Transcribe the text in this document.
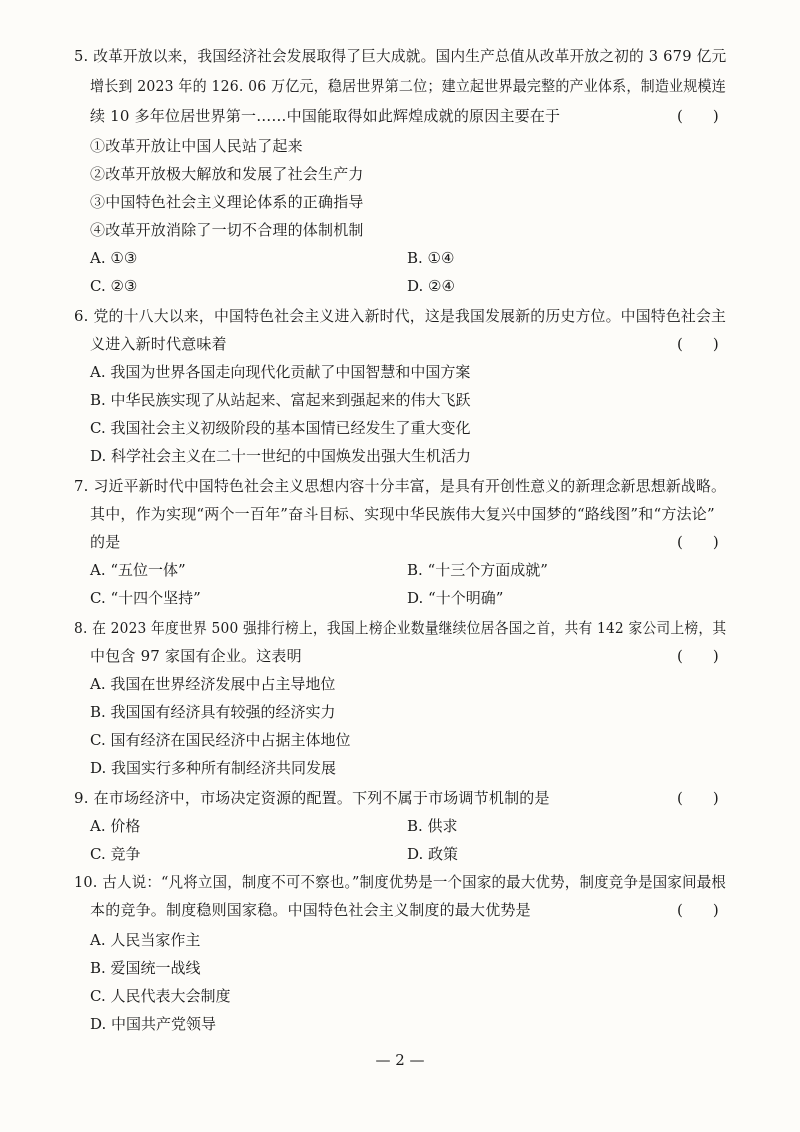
5. 改革开放以来，我国经济社会发展取得了巨大成就。国内生产总值从改革开放之初的 3 679 亿元
增长到 2023 年的 126. 06 万亿元，稳居世界第二位；建立起世界最完整的产业体系，制造业规模连
续 10 多年位居世界第一……中国能取得如此辉煌成就的原因主要在于	(　　)
①改革开放让中国人民站了起来
②改革开放极大解放和发展了社会生产力
③中国特色社会主义理论体系的正确指导
④改革开放消除了一切不合理的体制机制
A. ①③	B. ①④
C. ②③	D. ②④
6. 党的十八大以来，中国特色社会主义进入新时代，这是我国发展新的历史方位。中国特色社会主
义进入新时代意味着	(　　)
A. 我国为世界各国走向现代化贡献了中国智慧和中国方案
B. 中华民族实现了从站起来、富起来到强起来的伟大飞跃
C. 我国社会主义初级阶段的基本国情已经发生了重大变化
D. 科学社会主义在二十一世纪的中国焕发出强大生机活力
7. 习近平新时代中国特色社会主义思想内容十分丰富，是具有开创性意义的新理念新思想新战略。
其中，作为实现“两个一百年”奋斗目标、实现中华民族伟大复兴中国梦的“路线图”和“方法论”
的是	(　　)
A. “五位一体”	B. “十三个方面成就”
C. “十四个坚持”	D. “十个明确”
8. 在 2023 年度世界 500 强排行榜上，我国上榜企业数量继续位居各国之首，共有 142 家公司上榜，其
中包含 97 家国有企业。这表明	(　　)
A. 我国在世界经济发展中占主导地位
B. 我国国有经济具有较强的经济实力
C. 国有经济在国民经济中占据主体地位
D. 我国实行多种所有制经济共同发展
9. 在市场经济中，市场决定资源的配置。下列不属于市场调节机制的是	(　　)
A. 价格	B. 供求
C. 竞争	D. 政策
10. 古人说：“凡将立国，制度不可不察也。”制度优势是一个国家的最大优势，制度竞争是国家间最根
本的竞争。制度稳则国家稳。中国特色社会主义制度的最大优势是	(　　)
A. 人民当家作主
B. 爱国统一战线
C. 人民代表大会制度
D. 中国共产党领导
— 2 —
